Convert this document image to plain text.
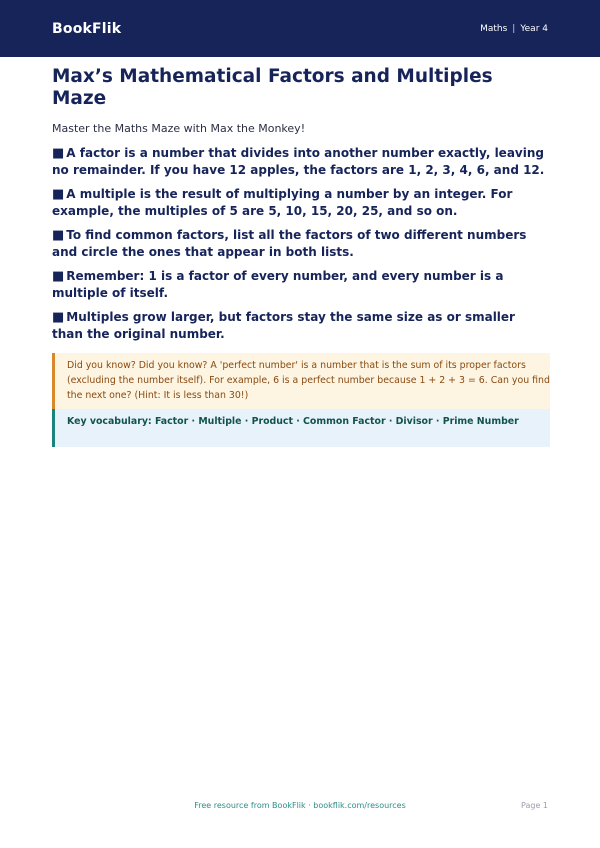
BookFlik	Maths | Year 4
Max’s Mathematical Factors and Multiples Maze

Master the Maths Maze with Max the Monkey!

■ A factor is a number that divides into another number exactly, leaving no remainder. If you have 12 apples, the factors are 1, 2, 3, 4, 6, and 12.
■ A multiple is the result of multiplying a number by an integer. For example, the multiples of 5 are 5, 10, 15, 20, 25, and so on.
■ To find common factors, list all the factors of two different numbers and circle the ones that appear in both lists.
■ Remember: 1 is a factor of every number, and every number is a multiple of itself.
■ Multiples grow larger, but factors stay the same size as or smaller than the original number.
Did you know? Did you know? A 'perfect number' is a number that is the sum of its proper factors (excluding the number itself). For example, 6 is a perfect number because 1 + 2 + 3 = 6. Can you find the next one? (Hint: It is less than 30!)
Key vocabulary: Factor · Multiple · Product · Common Factor · Divisor · Prime Number
Free resource from BookFlik · bookflik.com/resources	Page 1
